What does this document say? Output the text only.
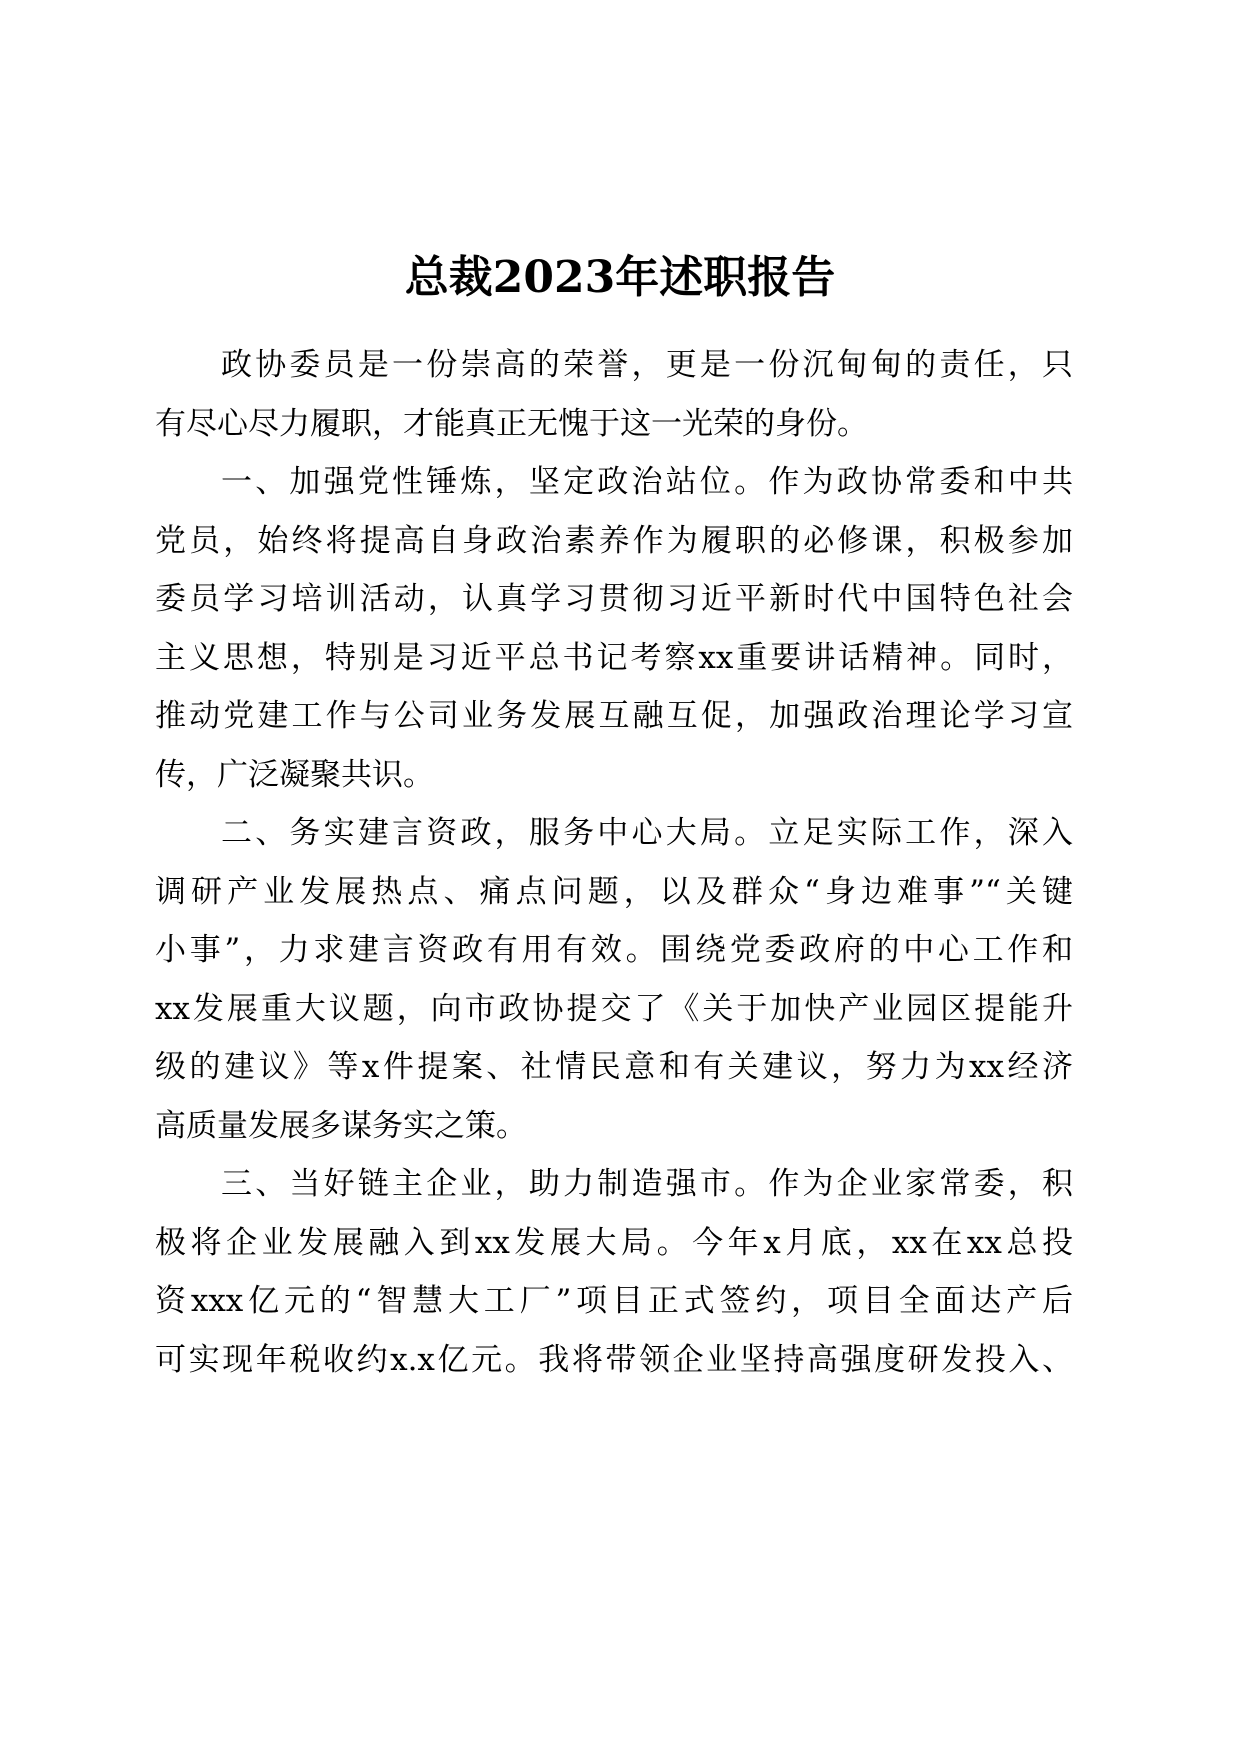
总裁2023年述职报告

政协委员是一份崇高的荣誉，更是一份沉甸甸的责任，只

有尽心尽力履职，才能真正无愧于这一光荣的身份。

一、加强党性锤炼，坚定政治站位。作为政协常委和中共

党员，始终将提高自身政治素养作为履职的必修课，积极参加

委员学习培训活动，认真学习贯彻习近平新时代中国特色社会

主义思想，特别是习近平总书记考察xx重要讲话精神。同时，

推动党建工作与公司业务发展互融互促，加强政治理论学习宣

传，广泛凝聚共识。

二、务实建言资政，服务中心大局。立足实际工作，深入

调研产业发展热点、痛点问题，以及群众“身边难事”“关键

小事”，力求建言资政有用有效。围绕党委政府的中心工作和

xx发展重大议题，向市政协提交了《关于加快产业园区提能升

级的建议》等x件提案、社情民意和有关建议，努力为xx经济

高质量发展多谋务实之策。

三、当好链主企业，助力制造强市。作为企业家常委，积

极将企业发展融入到xx发展大局。今年x月底，xx在xx总投

资xxx亿元的“智慧大工厂”项目正式签约，项目全面达产后

可实现年税收约x.x亿元。我将带领企业坚持高强度研发投入、
